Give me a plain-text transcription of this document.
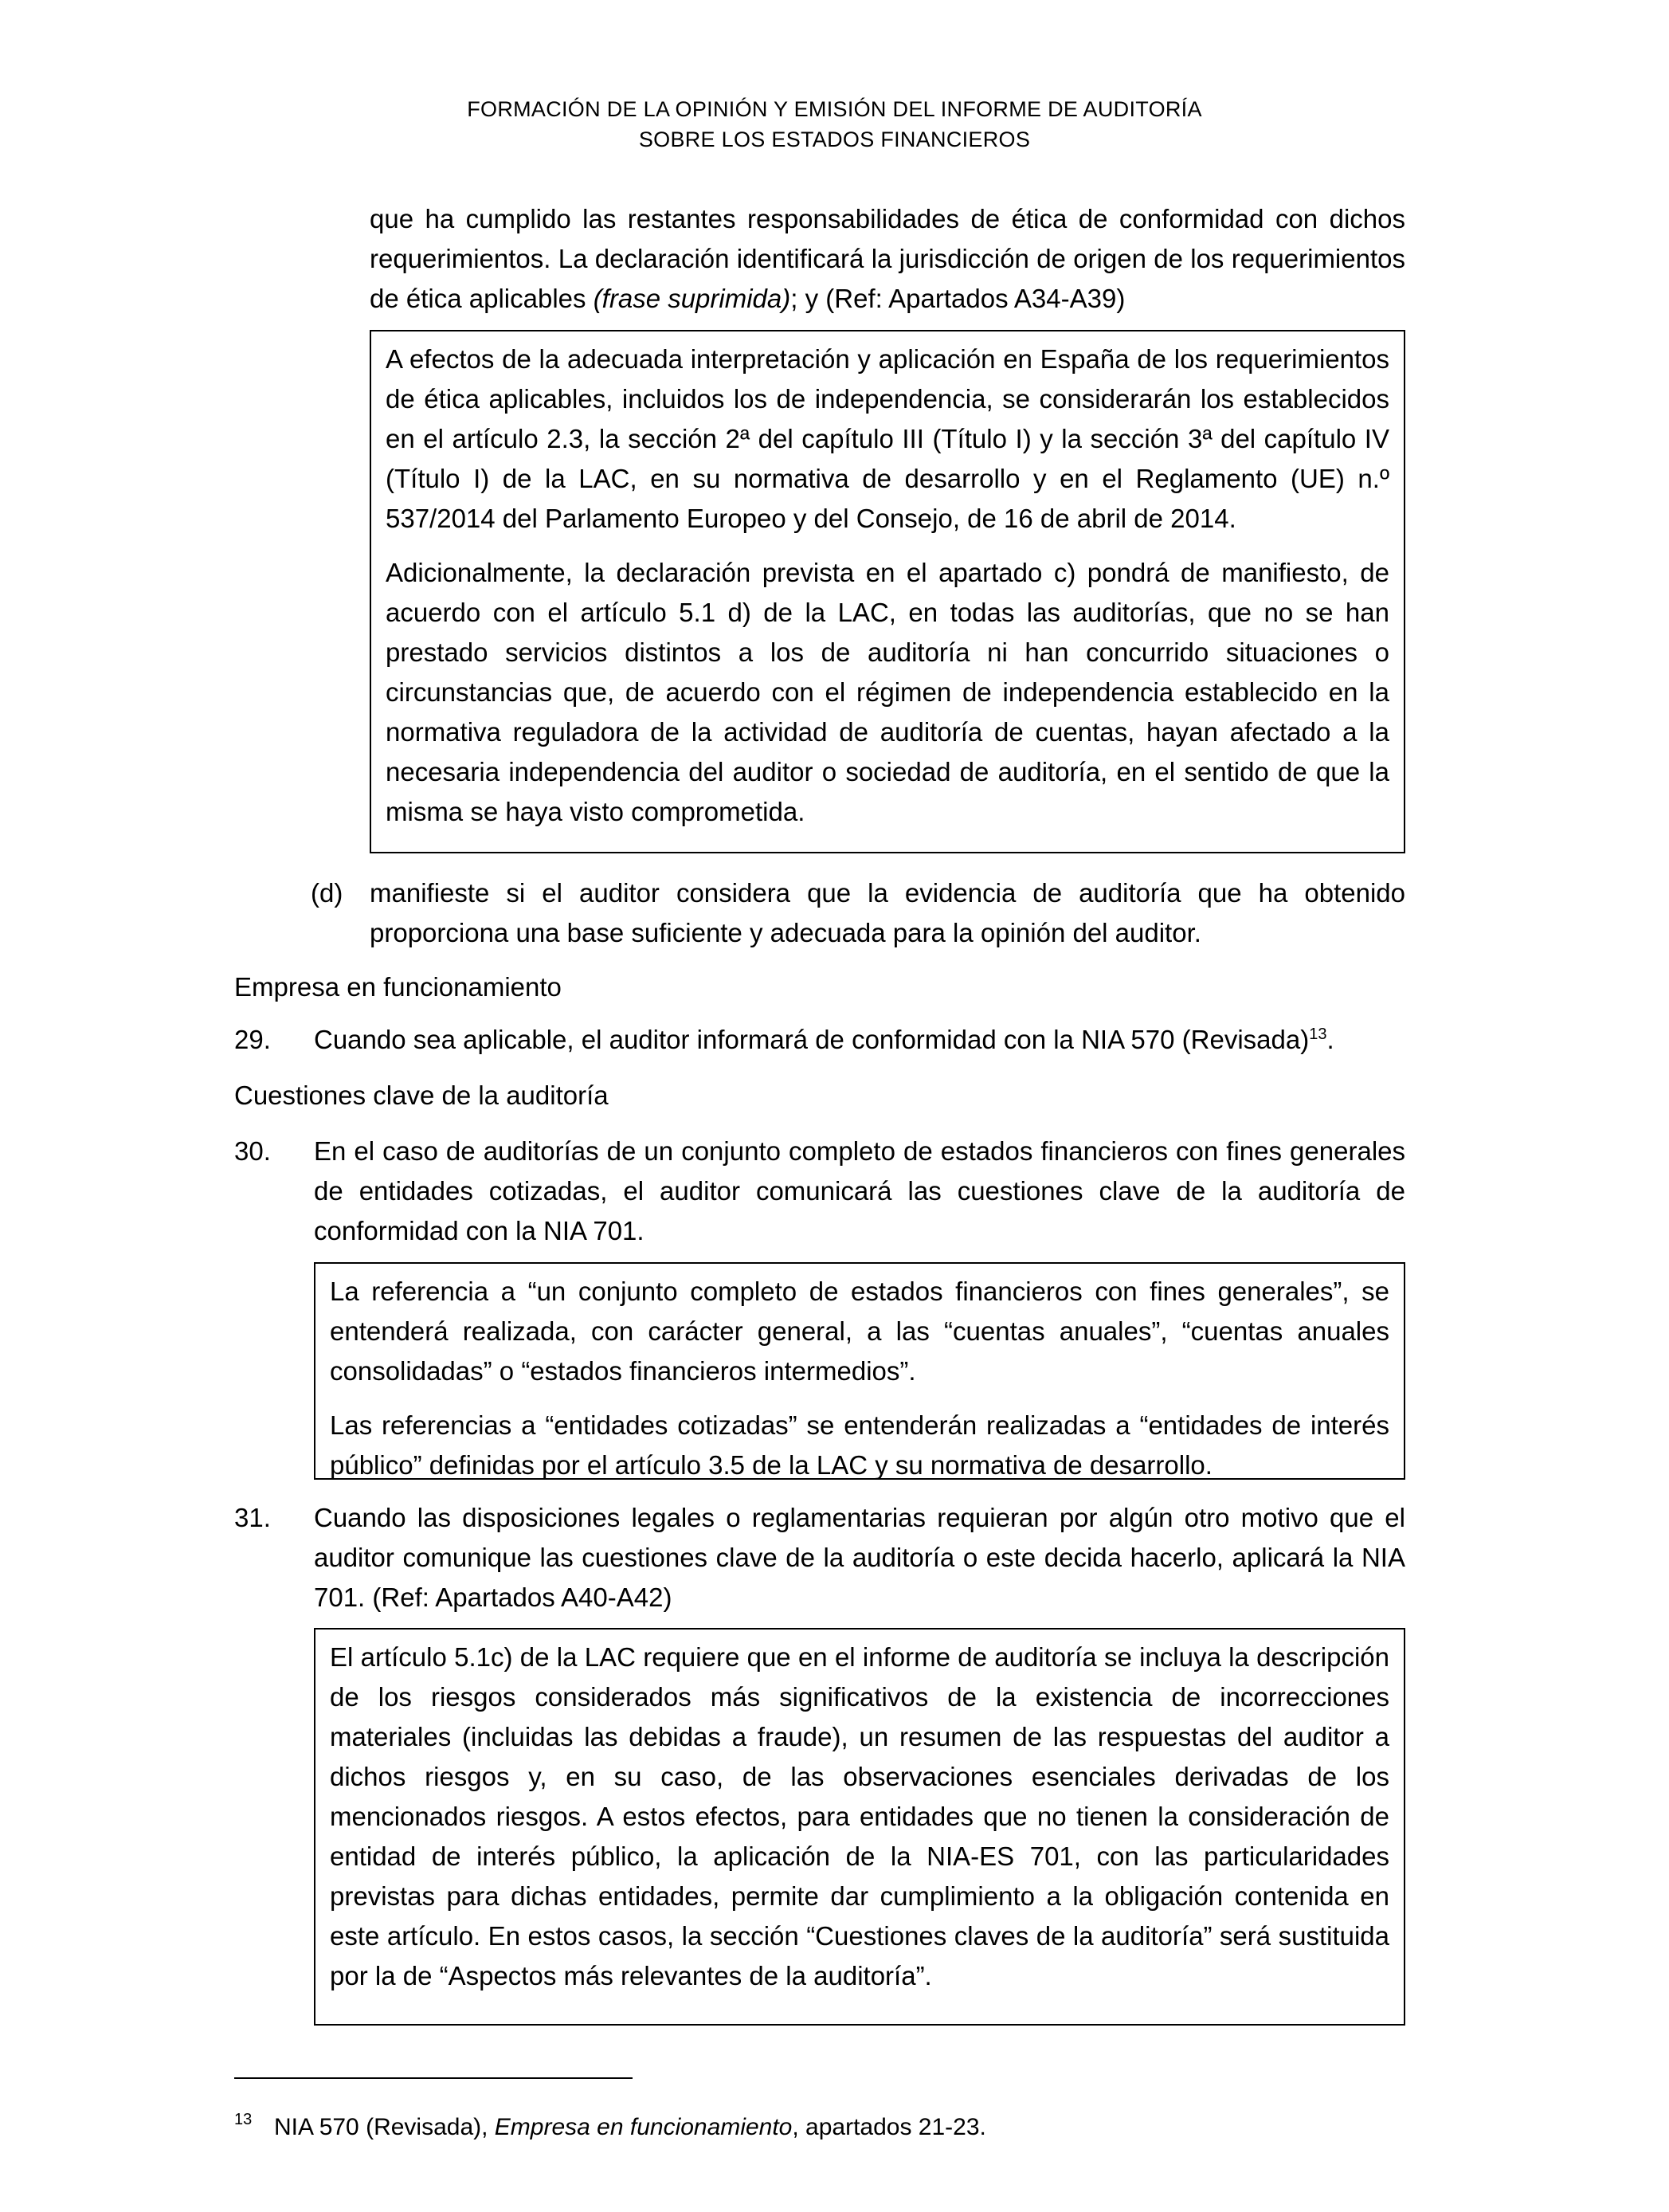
FORMACIÓN DE LA OPINIÓN Y EMISIÓN DEL INFORME DE AUDITORÍA
SOBRE LOS ESTADOS FINANCIEROS
que ha cumplido las restantes responsabilidades de ética de conformidad con dichos requerimientos. La declaración identificará la jurisdicción de origen de los requerimientos de ética aplicables (frase suprimida); y (Ref: Apartados A34-A39)

A efectos de la adecuada interpretación y aplicación en España de los requerimientos de ética aplicables, incluidos los de independencia, se considerarán los establecidos en el artículo 2.3, la sección 2ª del capítulo III (Título I) y la sección 3ª del capítulo IV (Título I) de la LAC, en su normativa de desarrollo y en el Reglamento (UE) n.º 537/2014 del Parlamento Europeo y del Consejo, de 16 de abril de 2014.

Adicionalmente, la declaración prevista en el apartado c) pondrá de manifiesto, de acuerdo con el artículo 5.1 d) de la LAC, en todas las auditorías, que no se han prestado servicios distintos a los de auditoría ni han concurrido situaciones o circunstancias que, de acuerdo con el régimen de independencia establecido en la normativa reguladora de la actividad de auditoría de cuentas, hayan afectado a la necesaria independencia del auditor o sociedad de auditoría, en el sentido de que la misma se haya visto comprometida.

(d) manifieste si el auditor considera que la evidencia de auditoría que ha obtenido proporciona una base suficiente y adecuada para la opinión del auditor.
Empresa en funcionamiento
29. Cuando sea aplicable, el auditor informará de conformidad con la NIA 570 (Revisada)$^{13}$.
Cuestiones clave de la auditoría
30. En el caso de auditorías de un conjunto completo de estados financieros con fines generales de entidades cotizadas, el auditor comunicará las cuestiones clave de la auditoría de conformidad con la NIA 701.

La referencia a “un conjunto completo de estados financieros con fines generales”, se entenderá realizada, con carácter general, a las “cuentas anuales”, “cuentas anuales consolidadas” o “estados financieros intermedios”.

Las referencias a “entidades cotizadas” se entenderán realizadas a “entidades de interés público” definidas por el artículo 3.5 de la LAC y su normativa de desarrollo.

31. Cuando las disposiciones legales o reglamentarias requieran por algún otro motivo que el auditor comunique las cuestiones clave de la auditoría o este decida hacerlo, aplicará la NIA 701. (Ref: Apartados A40-A42)

El artículo 5.1c) de la LAC requiere que en el informe de auditoría se incluya la descripción de los riesgos considerados más significativos de la existencia de incorrecciones materiales (incluidas las debidas a fraude), un resumen de las respuestas del auditor a dichos riesgos y, en su caso, de las observaciones esenciales derivadas de los mencionados riesgos. A estos efectos, para entidades que no tienen la consideración de entidad de interés público, la aplicación de la NIA-ES 701, con las particularidades previstas para dichas entidades, permite dar cumplimiento a la obligación contenida en este artículo. En estos casos, la sección “Cuestiones claves de la auditoría” será sustituida por la de “Aspectos más relevantes de la auditoría”.

13 NIA 570 (Revisada), Empresa en funcionamiento, apartados 21-23.
